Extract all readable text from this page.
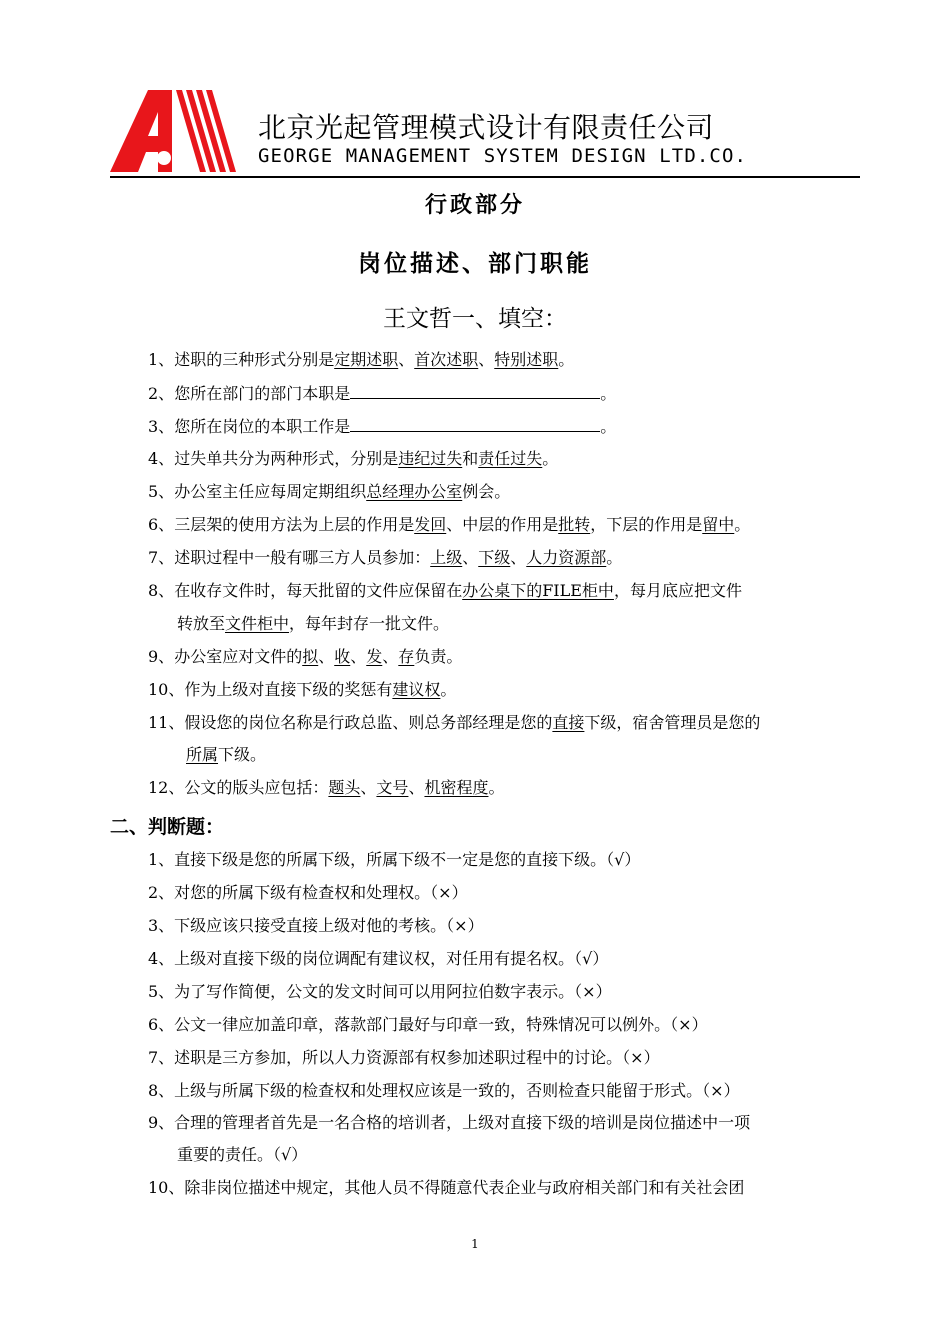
北京光起管理模式设计有限责任公司
GEORGE MANAGEMENT SYSTEM DESIGN LTD.CO.
行政部分
岗位描述、部门职能
王文哲一、填空：
1、述职的三种形式分别是定期述职、首次述职、特别述职。
2、您所在部门的部门本职是	。
3、您所在岗位的本职工作是	。
4、过失单共分为两种形式，分别是违纪过失和责任过失。
5、办公室主任应每周定期组织总经理办公室例会。
6、三层架的使用方法为上层的作用是发回、中层的作用是批转，下层的作用是留中。
7、述职过程中一般有哪三方人员参加：上级、下级、人力资源部。
8、在收存文件时，每天批留的文件应保留在办公桌下的FILE柜中，每月底应把文件
转放至文件柜中，每年封存一批文件。
9、办公室应对文件的拟、收、发、存负责。
10、作为上级对直接下级的奖惩有建议权。
11、假设您的岗位名称是行政总监、则总务部经理是您的直接下级，宿舍管理员是您的
所属下级。
12、公文的版头应包括：题头、文号、机密程度。
二、判断题：
1、直接下级是您的所属下级，所属下级不一定是您的直接下级。（√）
2、对您的所属下级有检查权和处理权。（×）
3、下级应该只接受直接上级对他的考核。（×）
4、上级对直接下级的岗位调配有建议权，对任用有提名权。（√）
5、为了写作简便，公文的发文时间可以用阿拉伯数字表示。（×）
6、公文一律应加盖印章，落款部门最好与印章一致，特殊情况可以例外。（×）
7、述职是三方参加，所以人力资源部有权参加述职过程中的讨论。（×）
8、上级与所属下级的检查权和处理权应该是一致的，否则检查只能留于形式。（×）
9、合理的管理者首先是一名合格的培训者，上级对直接下级的培训是岗位描述中一项
重要的责任。（√）
10、除非岗位描述中规定，其他人员不得随意代表企业与政府相关部门和有关社会团
1
